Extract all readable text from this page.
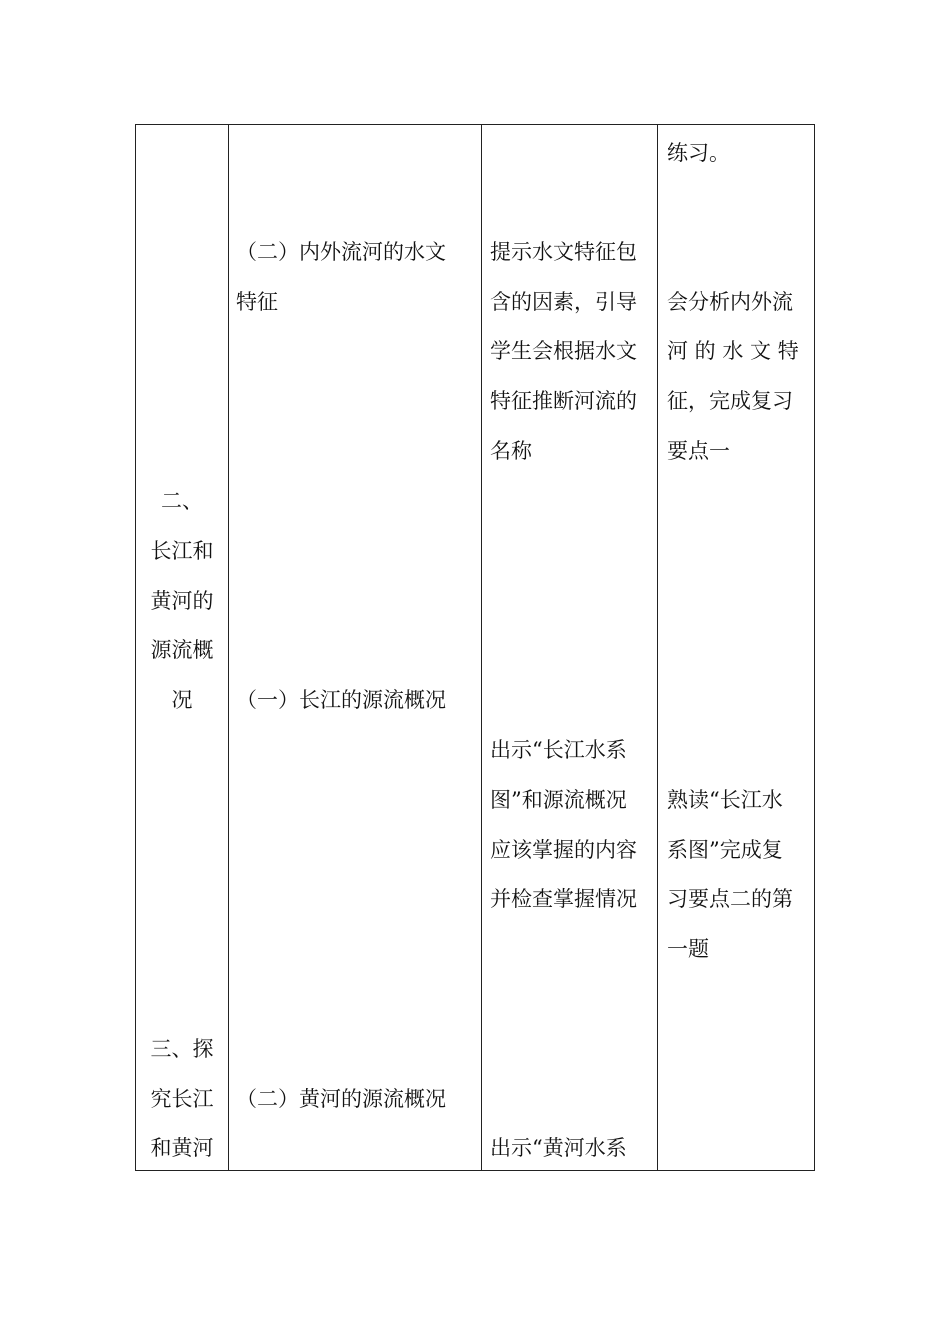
二、
长江和
黄河的
源流概
况
三、探
究长江
和黄河
（二）内外流河的水文
特征
（一）长江的源流概况
（二）黄河的源流概况
提示水文特征包
含的因素，引导
学生会根据水文
特征推断河流的
名称
出示“长江水系
图”和源流概况
应该掌握的内容
并检查掌握情况
出示“黄河水系
练习。
会分析内外流
河 的 水 文 特
征，完成复习
要点一
熟读“长江水
系图”完成复
习要点二的第
一题
